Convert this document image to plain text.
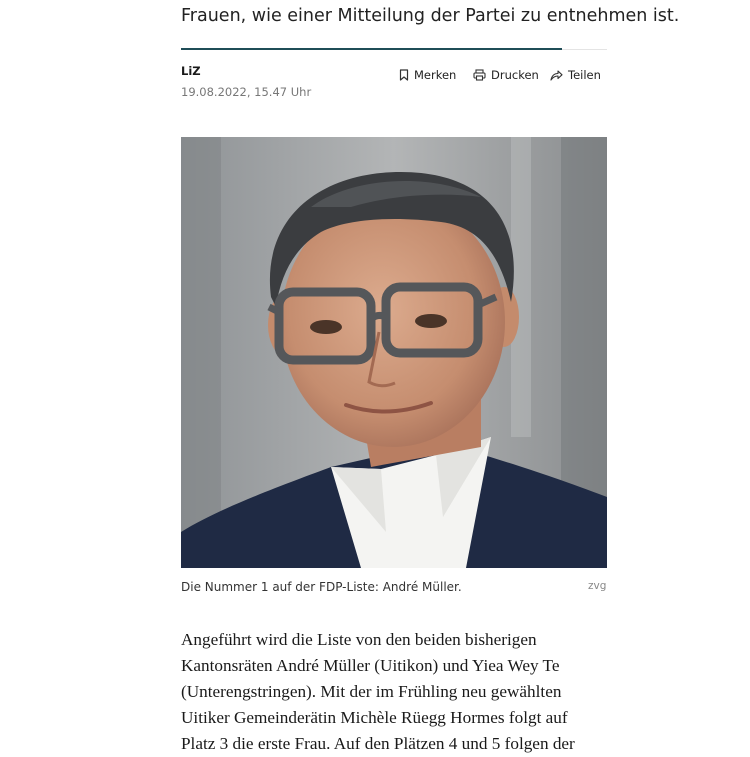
Frauen, wie einer Mitteilung der Partei zu entnehmen ist.
LiZ
19.08.2022, 15.47 Uhr
Merken	Drucken	Teilen
Die Nummer 1 auf der FDP-Liste: André Müller.	zvg
Angeführt wird die Liste von den beiden bisherigen
Kantonsräten André Müller (Uitikon) und Yiea Wey Te
(Unterengstringen). Mit der im Frühling neu gewählten
Uitiker Gemeinderätin Michèle Rüegg Hormes folgt auf
Platz 3 die erste Frau. Auf den Plätzen 4 und 5 folgen der
